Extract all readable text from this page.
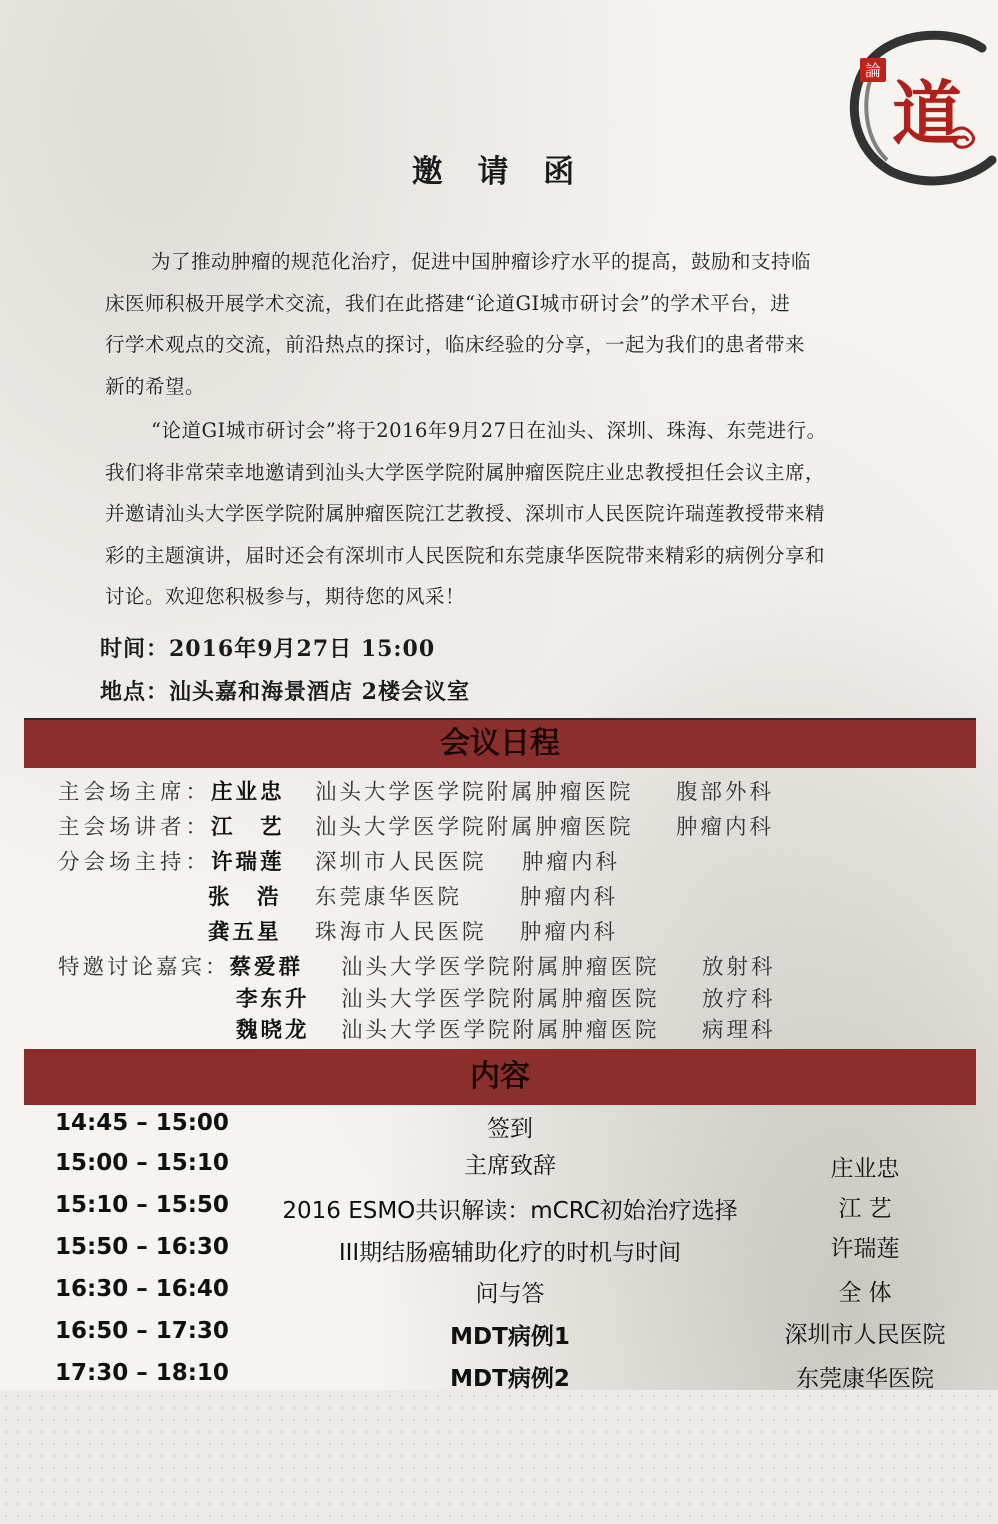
論
道
邀 请 函
为了推动肿瘤的规范化治疗，促进中国肿瘤诊疗水平的提高，鼓励和支持临
床医师积极开展学术交流，我们在此搭建“论道GI城市研讨会”的学术平台，进
行学术观点的交流，前沿热点的探讨，临床经验的分享，一起为我们的患者带来
新的希望。
“论道GI城市研讨会”将于2016年9月27日在汕头、深圳、珠海、东莞进行。
我们将非常荣幸地邀请到汕头大学医学院附属肿瘤医院庄业忠教授担任会议主席，
并邀请汕头大学医学院附属肿瘤医院江艺教授、深圳市人民医院许瑞莲教授带来精
彩的主题演讲，届时还会有深圳市人民医院和东莞康华医院带来精彩的病例分享和
讨论。欢迎您积极参与，期待您的风采！
时间：2016年9月27日 15:00
地点：汕头嘉和海景酒店 2楼会议室
会议日程
主会场主席：庄业忠 汕头大学医学院附属肿瘤医院 腹部外科
主会场讲者：江　艺 汕头大学医学院附属肿瘤医院 肿瘤内科
分会场主持：许瑞莲 深圳市人民医院 肿瘤内科
张　浩 东莞康华医院	肿瘤内科
龚五星 珠海市人民医院 肿瘤内科
特邀讨论嘉宾：蔡爱群 汕头大学医学院附属肿瘤医院 放射科
李东升 汕头大学医学院附属肿瘤医院 放疗科
魏晓龙 汕头大学医学院附属肿瘤医院 病理科
内容
14:45 – 15:00	签到
15:00 – 15:10	主席致辞	庄业忠
15:10 – 15:50	2016 ESMO共识解读：mCRC初始治疗选择	江 艺
15:50 – 16:30	III期结肠癌辅助化疗的时机与时间	许瑞莲
16:30 – 16:40	问与答	全 体
16:50 – 17:30	MDT病例1	深圳市人民医院
17:30 – 18:10	MDT病例2	东莞康华医院
